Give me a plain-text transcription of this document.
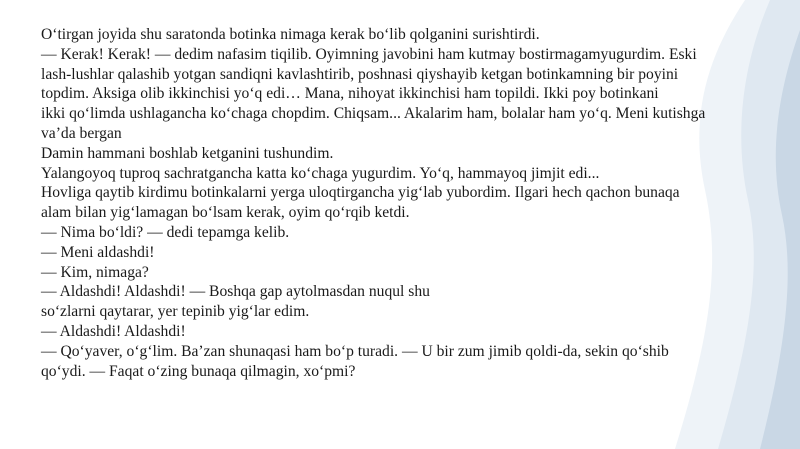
O‘tirgan joyida shu saratonda botinka nimaga kerak bo‘lib qolganini surishtirdi.

— Kerak! Kerak! — dedim nafasim tiqilib. Oyimning javobini ham kutmay bostirmagamyugurdim. Eski

lash-lushlar qalashib yotgan sandiqni kavlashtirib, poshnasi qiyshayib ketgan botinkamning bir poyini

topdim. Aksiga olib ikkinchisi yo‘q edi… Mana, nihoyat ikkinchisi ham topildi. Ikki poy botinkani

ikki qo‘limda ushlagancha ko‘chaga chopdim. Chiqsam... Akalarim ham, bolalar ham yo‘q. Meni kutishga

va’da bergan

Damin hammani boshlab ketganini tushundim.

Yalangoyoq tuproq sachratgancha katta ko‘chaga yugurdim. Yo‘q, hammayoq jimjit edi...

Hovliga qaytib kirdimu botinkalarni yerga uloqtirgancha yig‘lab yubordim. Ilgari hech qachon bunaqa

alam bilan yig‘lamagan bo‘lsam kerak, oyim qo‘rqib ketdi.

— Nima bo‘ldi? — dedi tepamga kelib.

— Meni aldashdi!

— Kim, nimaga?

— Aldashdi! Aldashdi! — Boshqa gap aytolmasdan nuqul shu

so‘zlarni qaytarar, yer tepinib yig‘lar edim.

— Aldashdi! Aldashdi!

— Qo‘yaver, o‘g‘lim. Ba’zan shunaqasi ham bo‘p turadi. — U bir zum jimib qoldi-da, sekin qo‘shib

qo‘ydi. — Faqat o‘zing bunaqa qilmagin, xo‘pmi?
